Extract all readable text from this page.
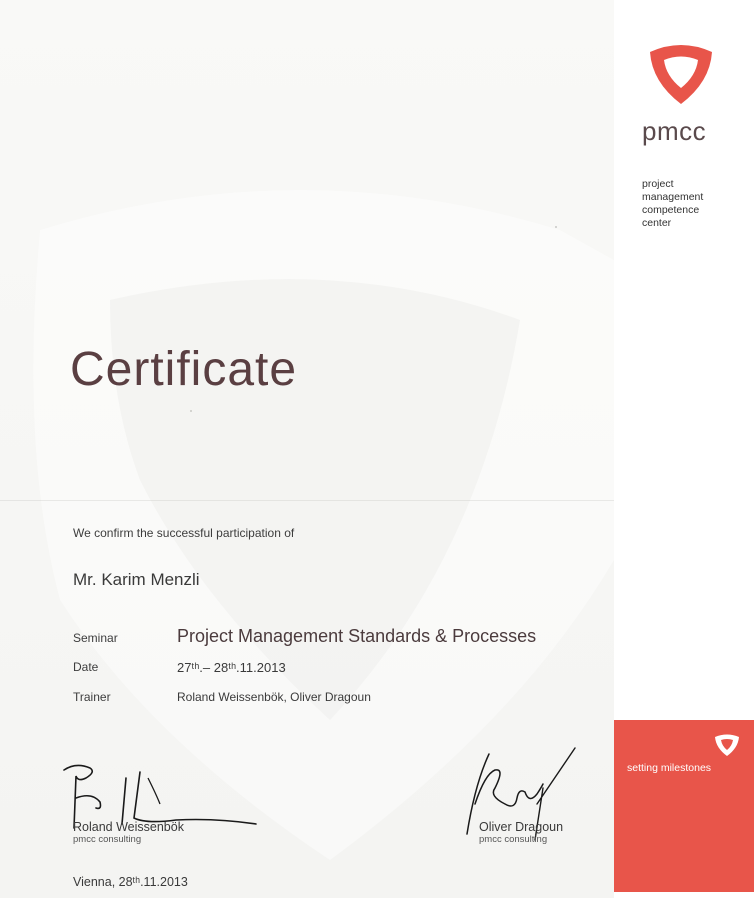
pmcc
project
management
competence
center
setting milestones
Certificate
We confirm the successful participation of
Mr. Karim Menzli
Seminar	Project Management Standards & Processes
Date	27ᵗʰ.– 28ᵗʰ.11.2013
Trainer	Roland Weissenbök, Oliver Dragoun
Roland Weissenbök
pmcc consulting
Oliver Dragoun
pmcc consulting
Vienna, 28ᵗʰ.11.2013
